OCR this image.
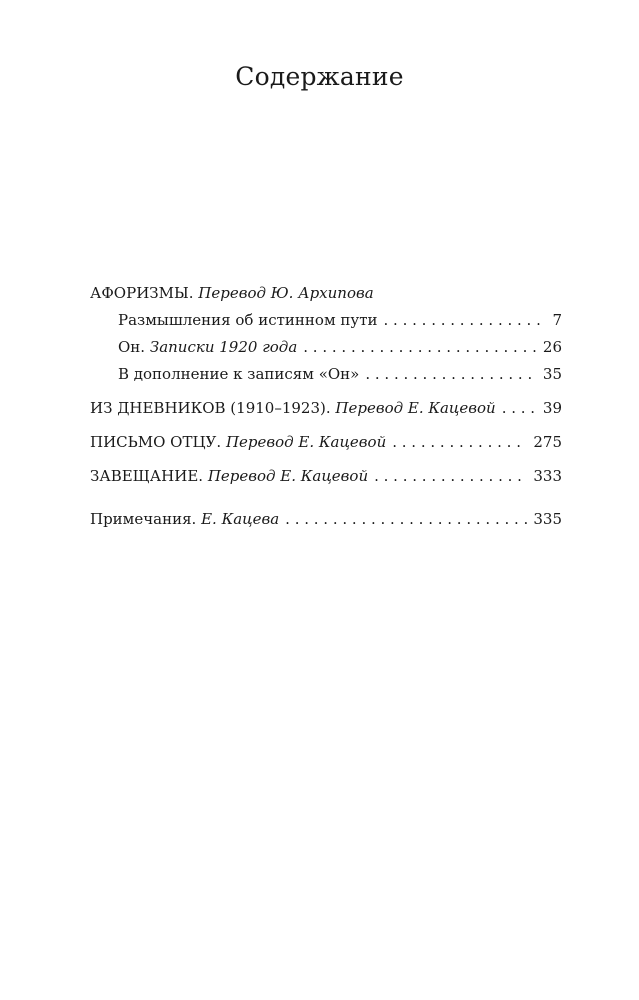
Содержание
АФОРИЗМЫ. Перевод Ю. Архипова
Размышления об истинном пути . . .	7
Он. Записки 1920 года . . .	26
В дополнение к записям «Он» . . .	35
ИЗ ДНЕВНИКОВ (1910–1923). Перевод Е. Кацевой . . .	39
ПИСЬМО ОТЦУ. Перевод Е. Кацевой . . .	275
ЗАВЕЩАНИЕ. Перевод Е. Кацевой . . .	333
Примечания. Е. Кацева . . .	335
